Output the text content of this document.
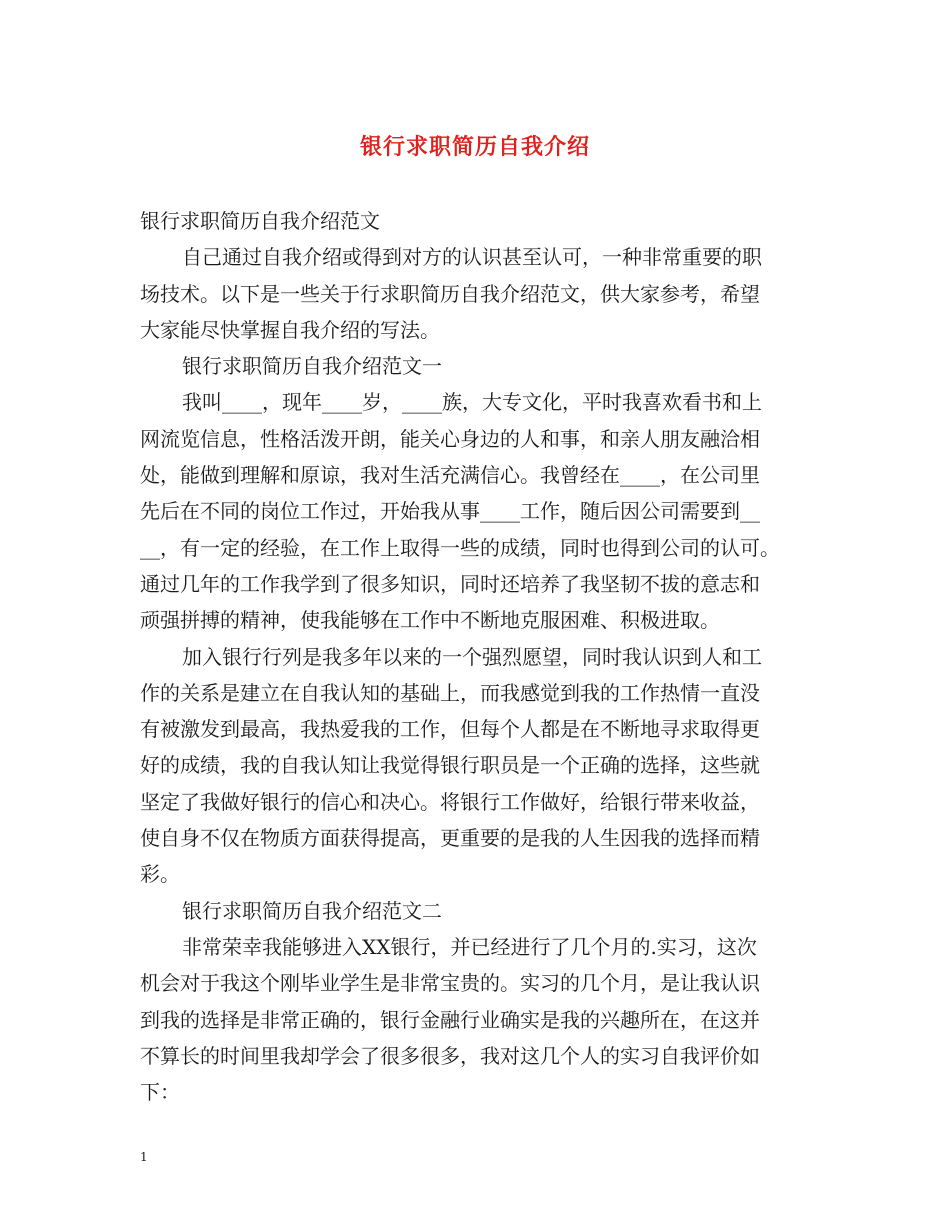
银行求职简历自我介绍
银行求职简历自我介绍范文
自己通过自我介绍或得到对方的认识甚至认可，一种非常重要的职
场技术。以下是一些关于行求职简历自我介绍范文，供大家参考，希望
大家能尽快掌握自我介绍的写法。
银行求职简历自我介绍范文一
我叫____，现年____岁，____族，大专文化，平时我喜欢看书和上
网流览信息，性格活泼开朗，能关心身边的人和事，和亲人朋友融洽相
处，能做到理解和原谅，我对生活充满信心。我曾经在____，在公司里
先后在不同的岗位工作过，开始我从事____工作，随后因公司需要到__
__，有一定的经验，在工作上取得一些的成绩，同时也得到公司的认可。
通过几年的工作我学到了很多知识，同时还培养了我坚韧不拔的意志和
顽强拼搏的精神，使我能够在工作中不断地克服困难、积极进取。
加入银行行列是我多年以来的一个强烈愿望，同时我认识到人和工
作的关系是建立在自我认知的基础上，而我感觉到我的工作热情一直没
有被激发到最高，我热爱我的工作，但每个人都是在不断地寻求取得更
好的成绩，我的自我认知让我觉得银行职员是一个正确的选择，这些就
坚定了我做好银行的信心和决心。将银行工作做好，给银行带来收益，
使自身不仅在物质方面获得提高，更重要的是我的人生因我的选择而精
彩。
银行求职简历自我介绍范文二
非常荣幸我能够进入XX银行，并已经进行了几个月的.实习，这次
机会对于我这个刚毕业学生是非常宝贵的。实习的几个月，是让我认识
到我的选择是非常正确的，银行金融行业确实是我的兴趣所在，在这并
不算长的时间里我却学会了很多很多，我对这几个人的实习自我评价如
下：
1
